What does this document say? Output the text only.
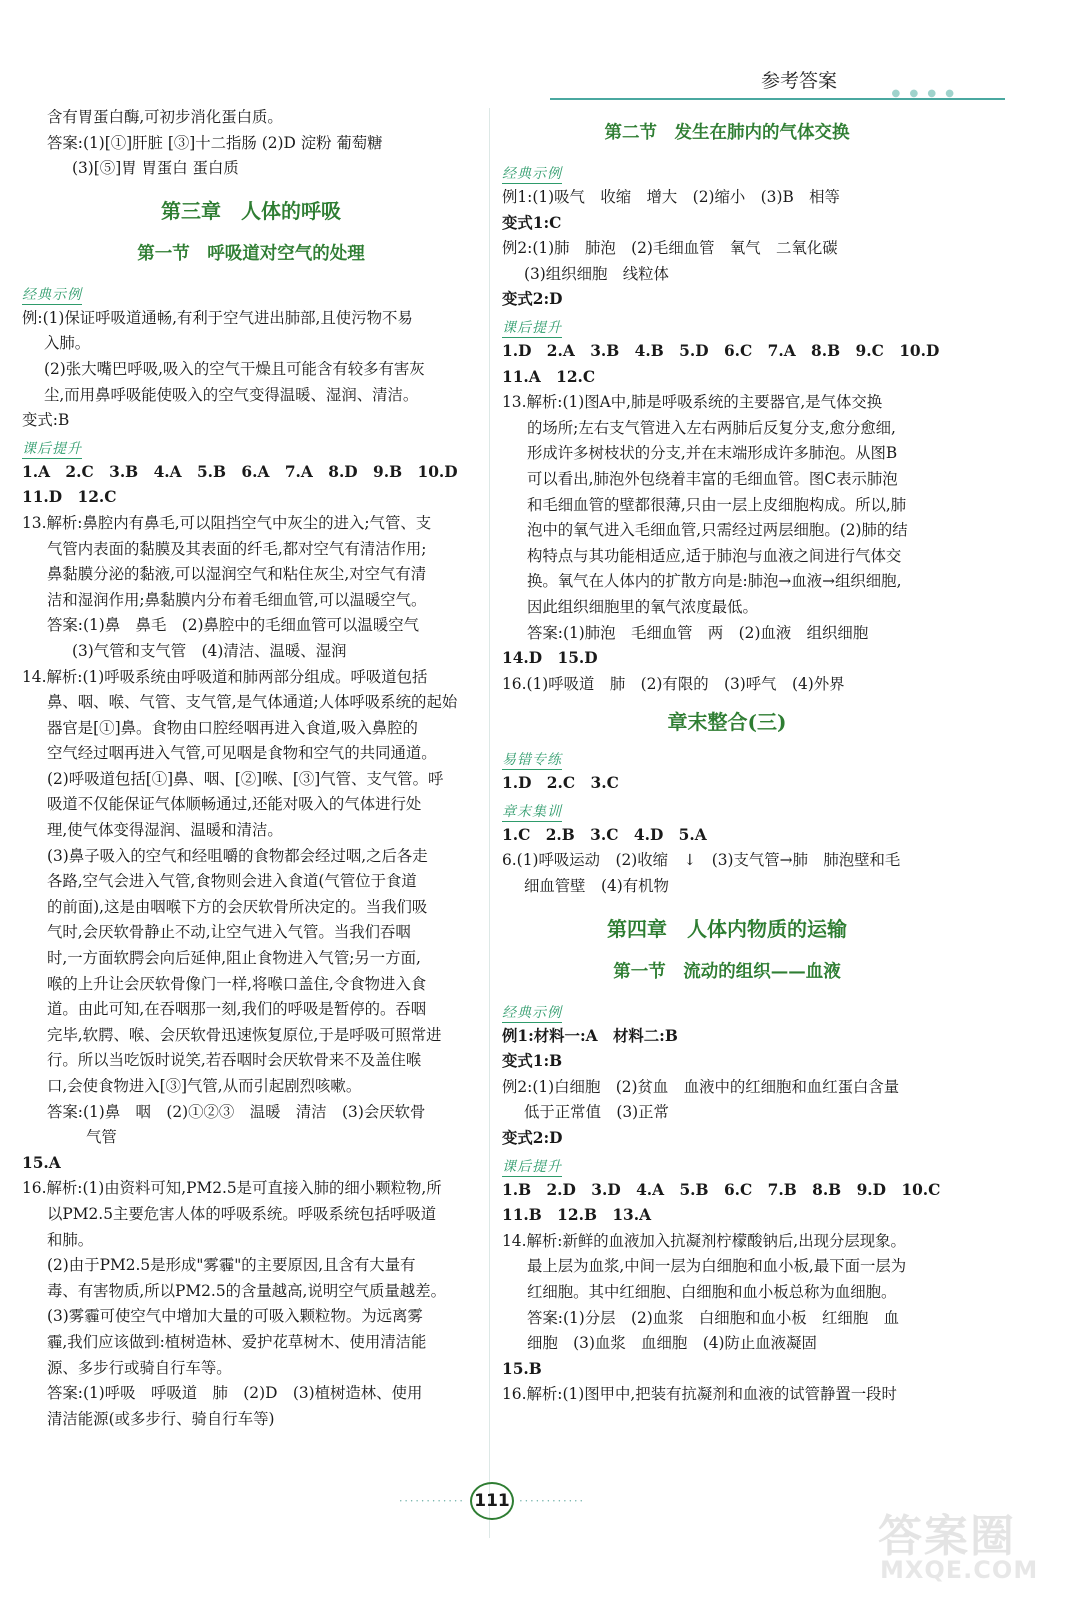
参考答案
● ● ● ●

含有胃蛋白酶,可初步消化蛋白质。

答案:(1)[①]肝脏 [③]十二指肠 (2)D 淀粉 葡萄糖

(3)[⑤]胃 胃蛋白 蛋白质

第三章　人体的呼吸
第一节　呼吸道对空气的处理
经典示例

例:(1)保证呼吸道通畅,有利于空气进出肺部,且使污物不易

入肺。

(2)张大嘴巴呼吸,吸入的空气干燥且可能含有较多有害灰

尘,而用鼻呼吸能使吸入的空气变得温暖、湿润、清洁。

变式:B

课后提升

1.A　2.C　3.B　4.A　5.B　6.A　7.A　8.D　9.B　10.D

11.D　12.C

13.解析:鼻腔内有鼻毛,可以阻挡空气中灰尘的进入;气管、支

气管内表面的黏膜及其表面的纤毛,都对空气有清洁作用;

鼻黏膜分泌的黏液,可以湿润空气和粘住灰尘,对空气有清

洁和湿润作用;鼻黏膜内分布着毛细血管,可以温暖空气。

答案:(1)鼻　鼻毛　(2)鼻腔中的毛细血管可以温暖空气

(3)气管和支气管　(4)清洁、温暖、湿润

14.解析:(1)呼吸系统由呼吸道和肺两部分组成。呼吸道包括

鼻、咽、喉、气管、支气管,是气体通道;人体呼吸系统的起始

器官是[①]鼻。食物由口腔经咽再进入食道,吸入鼻腔的

空气经过咽再进入气管,可见咽是食物和空气的共同通道。

(2)呼吸道包括[①]鼻、咽、[②]喉、[③]气管、支气管。呼

吸道不仅能保证气体顺畅通过,还能对吸入的气体进行处

理,使气体变得湿润、温暖和清洁。

(3)鼻子吸入的空气和经咀嚼的食物都会经过咽,之后各走

各路,空气会进入气管,食物则会进入食道(气管位于食道

的前面),这是由咽喉下方的会厌软骨所决定的。当我们吸

气时,会厌软骨静止不动,让空气进入气管。当我们吞咽

时,一方面软腭会向后延伸,阻止食物进入气管;另一方面,

喉的上升让会厌软骨像门一样,将喉口盖住,令食物进入食

道。由此可知,在吞咽那一刻,我们的呼吸是暂停的。吞咽

完毕,软腭、喉、会厌软骨迅速恢复原位,于是呼吸可照常进

行。所以当吃饭时说笑,若吞咽时会厌软骨来不及盖住喉

口,会使食物进入[③]气管,从而引起剧烈咳嗽。

答案:(1)鼻　咽　(2)①②③　温暖　清洁　(3)会厌软骨

气管

15.A

16.解析:(1)由资料可知,PM2.5是可直接入肺的细小颗粒物,所

以PM2.5主要危害人体的呼吸系统。呼吸系统包括呼吸道

和肺。

(2)由于PM2.5是形成"雾霾"的主要原因,且含有大量有

毒、有害物质,所以PM2.5的含量越高,说明空气质量越差。

(3)雾霾可使空气中增加大量的可吸入颗粒物。为远离雾

霾,我们应该做到:植树造林、爱护花草树木、使用清洁能

源、多步行或骑自行车等。

答案:(1)呼吸　呼吸道　肺　(2)D　(3)植树造林、使用

清洁能源(或多步行、骑自行车等)

第二节　发生在肺内的气体交换
经典示例

例1:(1)吸气　收缩　增大　(2)缩小　(3)B　相等

变式1:C

例2:(1)肺　肺泡　(2)毛细血管　氧气　二氧化碳

(3)组织细胞　线粒体

变式2:D

课后提升

1.D　2.A　3.B　4.B　5.D　6.C　7.A　8.B　9.C　10.D

11.A　12.C

13.解析:(1)图A中,肺是呼吸系统的主要器官,是气体交换

的场所;左右支气管进入左右两肺后反复分支,愈分愈细,

形成许多树枝状的分支,并在末端形成许多肺泡。从图B

可以看出,肺泡外包绕着丰富的毛细血管。图C表示肺泡

和毛细血管的壁都很薄,只由一层上皮细胞构成。所以,肺

泡中的氧气进入毛细血管,只需经过两层细胞。(2)肺的结

构特点与其功能相适应,适于肺泡与血液之间进行气体交

换。氧气在人体内的扩散方向是:肺泡→血液→组织细胞,

因此组织细胞里的氧气浓度最低。

答案:(1)肺泡　毛细血管　两　(2)血液　组织细胞

14.D　15.D

16.(1)呼吸道　肺　(2)有限的　(3)呼气　(4)外界

章末整合(三)
易错专练

1.D　2.C　3.C

章末集训

1.C　2.B　3.C　4.D　5.A

6.(1)呼吸运动　(2)收缩　↓　(3)支气管→肺　肺泡壁和毛

细血管壁　(4)有机物

第四章　人体内物质的运输
第一节　流动的组织——血液
经典示例

例1:材料一:A　材料二:B

变式1:B

例2:(1)白细胞　(2)贫血　血液中的红细胞和血红蛋白含量

低于正常值　(3)正常

变式2:D

课后提升

1.B　2.D　3.D　4.A　5.B　6.C　7.B　8.B　9.D　10.C

11.B　12.B　13.A

14.解析:新鲜的血液加入抗凝剂柠檬酸钠后,出现分层现象。

最上层为血浆,中间一层为白细胞和血小板,最下面一层为

红细胞。其中红细胞、白细胞和血小板总称为血细胞。

答案:(1)分层　(2)血浆　白细胞和血小板　红细胞　血

细胞　(3)血浆　血细胞　(4)防止血液凝固

15.B

16.解析:(1)图甲中,把装有抗凝剂和血液的试管静置一段时

············ 111 ············
答案圈
MXQE.COM
